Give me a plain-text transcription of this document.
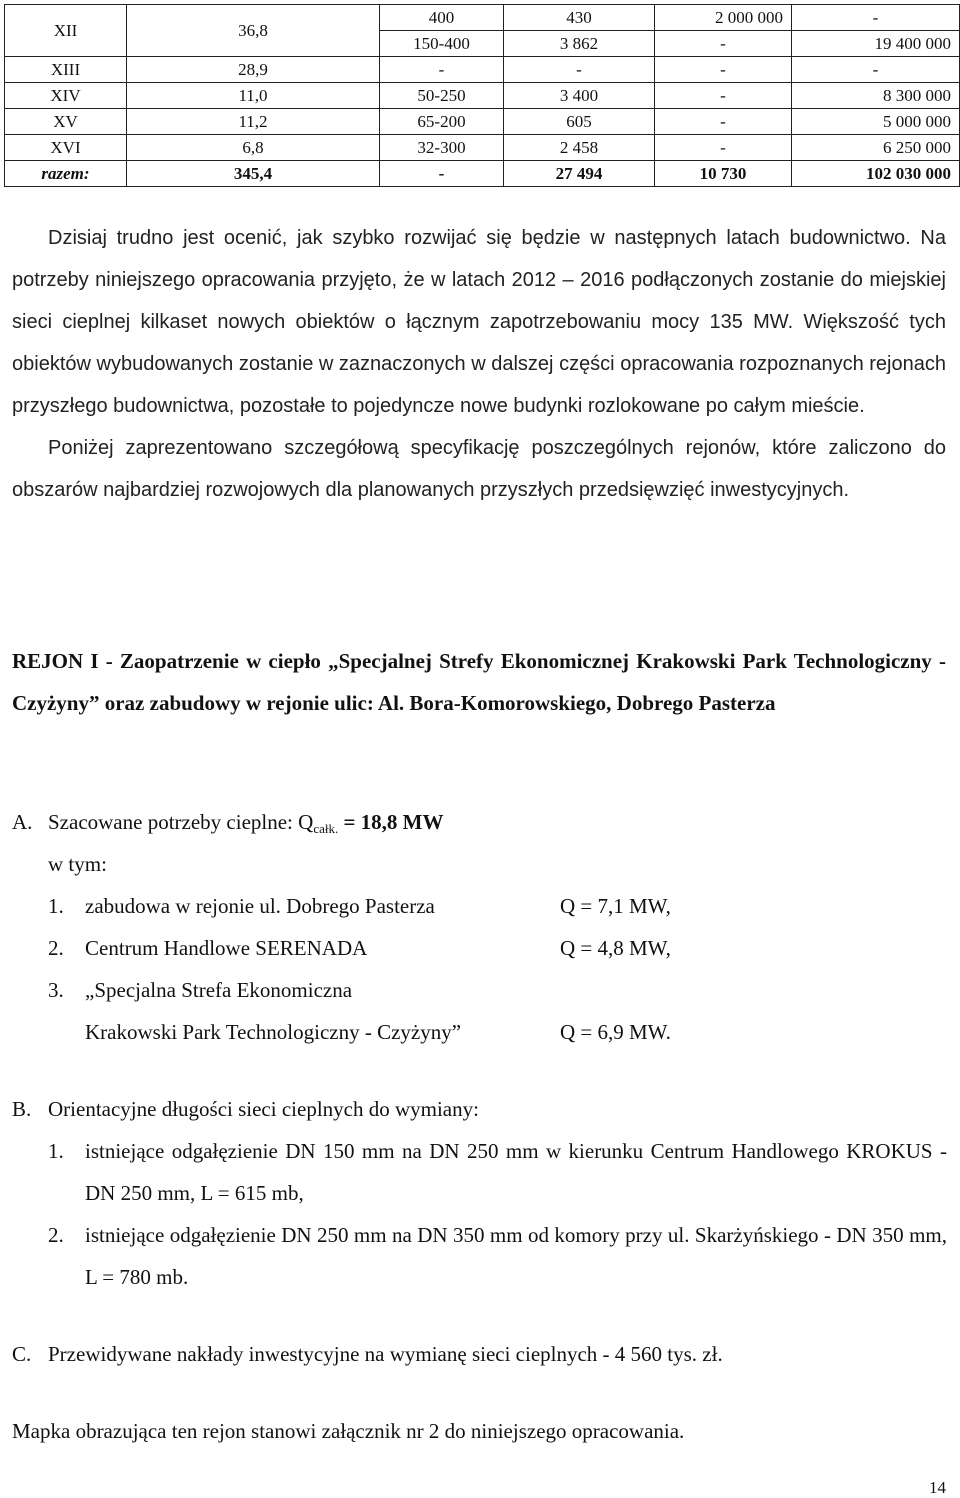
XII	36,8	400	430	2 000 000	-
		150-400	3 862	-	19 400 000
XIII	28,9	-	-	-	-
XIV	11,0	50-250	3 400	-	8 300 000
XV	11,2	65-200	605	-	5 000 000
XVI	6,8	32-300	2 458	-	6 250 000
razem:	345,4	-	27 494	10 730	102 030 000

Dzisiaj trudno jest ocenić, jak szybko rozwijać się będzie w następnych latach budownictwo. Na potrzeby niniejszego opracowania przyjęto, że w latach 2012 – 2016 podłączonych zostanie do miejskiej sieci cieplnej kilkaset nowych obiektów o łącznym zapotrzebowaniu mocy 135 MW. Większość tych obiektów wybudowanych zostanie w zaznaczonych w dalszej części opracowania rozpoznanych rejonach przyszłego budownictwa, pozostałe to pojedyncze nowe budynki rozlokowane po całym mieście.

Poniżej zaprezentowano szczegółową specyfikację poszczególnych rejonów, które zaliczono do obszarów najbardziej rozwojowych dla planowanych przyszłych przedsięwzięć inwestycyjnych.

REJON I - Zaopatrzenie w ciepło „Specjalnej Strefy Ekonomicznej Krakowski Park Technologiczny - Czyżyny” oraz zabudowy w rejonie ulic: Al. Bora-Komorowskiego, Dobrego Pasterza
A. Szacowane potrzeby cieplne: $Q_{całk.} = 18,8$ MW
w tym:
1. zabudowa w rejonie ul. Dobrego Pasterza	Q = 7,1 MW,
2. Centrum Handlowe SERENADA	Q = 4,8 MW,
3. „Specjalna Strefa Ekonomiczna
Krakowski Park Technologiczny - Czyżyny”	Q = 6,9 MW.
B. Orientacyjne długości sieci cieplnych do wymiany:
1. istniejące odgałęzienie DN 150 mm na DN 250 mm w kierunku Centrum Handlowego KROKUS - DN 250 mm, L = 615 mb,
2. istniejące odgałęzienie DN 250 mm na DN 350 mm od komory przy ul. Skarżyńskiego - DN 350 mm, L = 780 mb.
C. Przewidywane nakłady inwestycyjne na wymianę sieci cieplnych - 4 560 tys. zł.
Mapka obrazująca ten rejon stanowi załącznik nr 2 do niniejszego opracowania.
14
